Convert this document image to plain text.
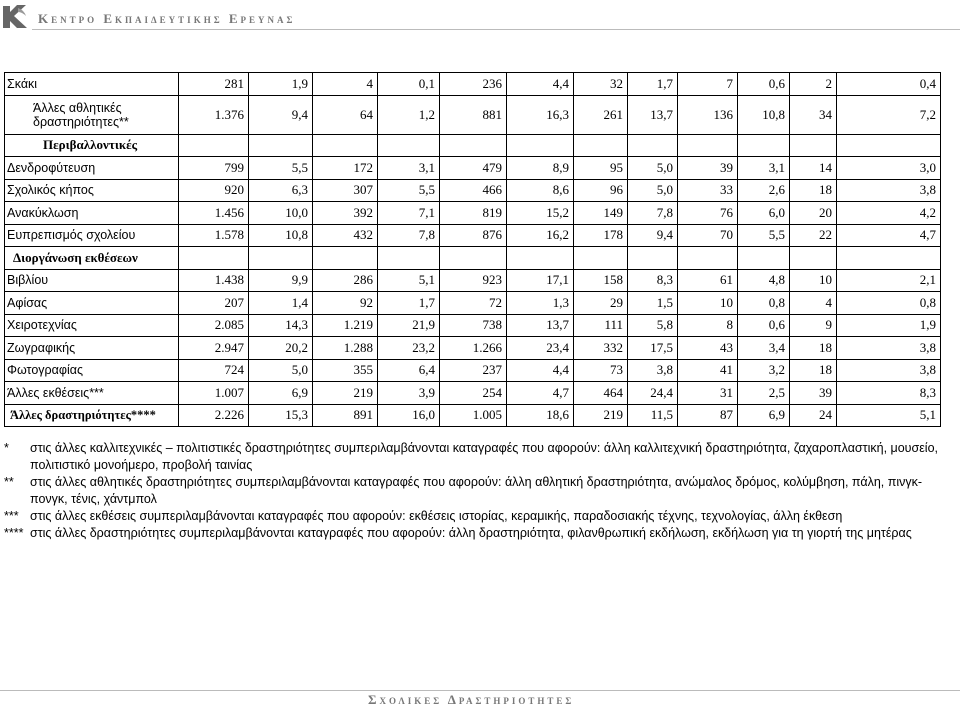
Κεντρο Εκπαιδευτικησ Ερευνασ
Σκάκι	281	1,9	4	0,1	236	4,4	32	1,7	7	0,6	2	0,4	
Άλλες αθλητικές δραστηριότητες**	1.376	9,4	64	1,2	881	16,3	261	13,7	136	10,8	34	7,2	
Περιβαλλοντικές													
Δενδροφύτευση	799	5,5	172	3,1	479	8,9	95	5,0	39	3,1	14	3,0	
Σχολικός κήπος	920	6,3	307	5,5	466	8,6	96	5,0	33	2,6	18	3,8	
Ανακύκλωση	1.456	10,0	392	7,1	819	15,2	149	7,8	76	6,0	20	4,2	
Ευπρεπισμός σχολείου	1.578	10,8	432	7,8	876	16,2	178	9,4	70	5,5	22	4,7	
Διοργάνωση εκθέσεων													
Βιβλίου	1.438	9,9	286	5,1	923	17,1	158	8,3	61	4,8	10	2,1	
Αφίσας	207	1,4	92	1,7	72	1,3	29	1,5	10	0,8	4	0,8	
Χειροτεχνίας	2.085	14,3	1.219	21,9	738	13,7	111	5,8	8	0,6	9	1,9	
Ζωγραφικής	2.947	20,2	1.288	23,2	1.266	23,4	332	17,5	43	3,4	18	3,8	
Φωτογραφίας	724	5,0	355	6,4	237	4,4	73	3,8	41	3,2	18	3,8	
Άλλες εκθέσεις***	1.007	6,9	219	3,9	254	4,7	464	24,4	31	2,5	39	8,3	
Άλλες δραστηριότητες****	2.226	15,3	891	16,0	1.005	18,6	219	11,5	87	6,9	24	5,1	
*	στις άλλες καλλιτεχνικές – πολιτιστικές δραστηριότητες συμπεριλαμβάνονται καταγραφές που αφορούν: άλλη καλλιτεχνική δραστηριότητα, ζαχαροπλαστική, μουσείο, πολιτιστικό μονοήμερο, προβολή ταινίας
**	στις άλλες αθλητικές δραστηριότητες συμπεριλαμβάνονται καταγραφές που αφορούν: άλλη αθλητική δραστηριότητα, ανώμαλος δρόμος, κολύμβηση, πάλη, πινγκ-πονγκ, τένις, χάντμπολ
*** στις άλλες εκθέσεις συμπεριλαμβάνονται καταγραφές που αφορούν: εκθέσεις ιστορίας, κεραμικής, παραδοσιακής τέχνης, τεχνολογίας, άλλη έκθεση
**** στις άλλες δραστηριότητες συμπεριλαμβάνονται καταγραφές που αφορούν: άλλη δραστηριότητα, φιλανθρωπική εκδήλωση, εκδήλωση για τη γιορτή της μητέρας
Σχολικεσ Δραστηριοτητεσ
